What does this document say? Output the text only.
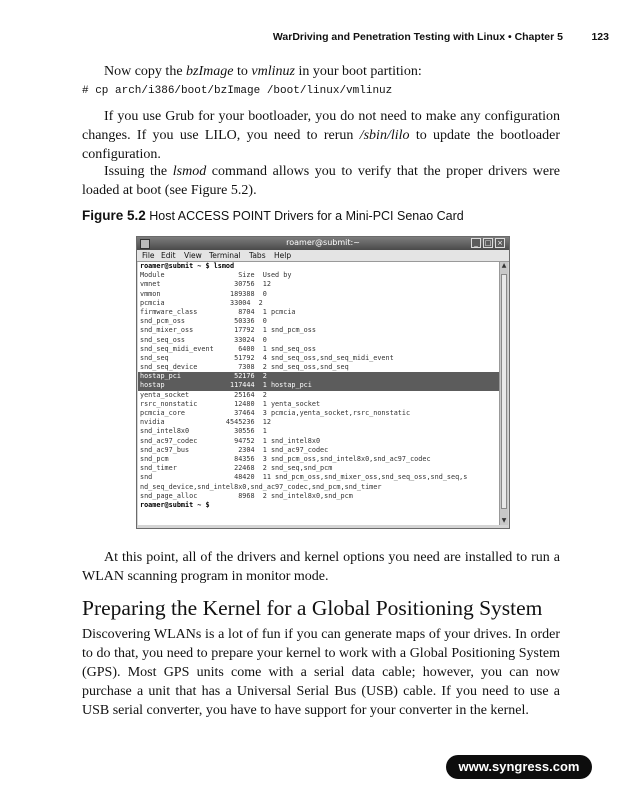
WarDriving and Penetration Testing with Linux • Chapter 5	123
Now copy the bzImage to vmlinuz in your boot partition:
# cp arch/i386/boot/bzImage /boot/linux/vmlinuz
If you use Grub for your bootloader, you do not need to make any configuration changes. If you use LILO, you need to rerun /sbin/lilo to update the bootloader configuration.
Issuing the lsmod command allows you to verify that the proper drivers were loaded at boot (see Figure 5.2).
Figure 5.2 Host ACCESS POINT Drivers for a Mini-PCI Senao Card
roamer@submit:~	_ □ ×
File Edit View Terminal Tabs Help
roamer@submit ~ $ lsmod
Module                  Size  Used by
vmnet                  30756  12
vmmon                 189388  0
pcmcia                33004  2
firmware_class          8704  1 pcmcia
snd_pcm_oss            50336  0
snd_mixer_oss          17792  1 snd_pcm_oss
snd_seq_oss            33024  0
snd_seq_midi_event      6400  1 snd_seq_oss
snd_seq                51792  4 snd_seq_oss,snd_seq_midi_event
snd_seq_device          7308  2 snd_seq_oss,snd_seq
hostap_pci             52176  2
hostap                117444  1 hostap_pci
yenta_socket           25164  2
rsrc_nonstatic         12480  1 yenta_socket
pcmcia_core            37464  3 pcmcia,yenta_socket,rsrc_nonstatic
nvidia               4545236  12
snd_intel8x0           30556  1
snd_ac97_codec         94752  1 snd_intel8x0
snd_ac97_bus            2304  1 snd_ac97_codec
snd_pcm                84356  3 snd_pcm_oss,snd_intel8x0,snd_ac97_codec
snd_timer              22468  2 snd_seq,snd_pcm
snd                    48420  11 snd_pcm_oss,snd_mixer_oss,snd_seq_oss,snd_seq,s
nd_seq_device,snd_intel8x0,snd_ac97_codec,snd_pcm,snd_timer
snd_page_alloc          8968  2 snd_intel8x0,snd_pcm
roamer@submit ~ $
▲
▼
At this point, all of the drivers and kernel options you need are installed to run a WLAN scanning program in monitor mode.
Preparing the Kernel for a Global Positioning System
Discovering WLANs is a lot of fun if you can generate maps of your drives. In order to do that, you need to prepare your kernel to work with a Global Positioning System (GPS). Most GPS units come with a serial data cable; however, you can now purchase a unit that has a Universal Serial Bus (USB) cable. If you need to use a USB serial converter, you have to have support for your converter in the kernel.
www.syngress.com
